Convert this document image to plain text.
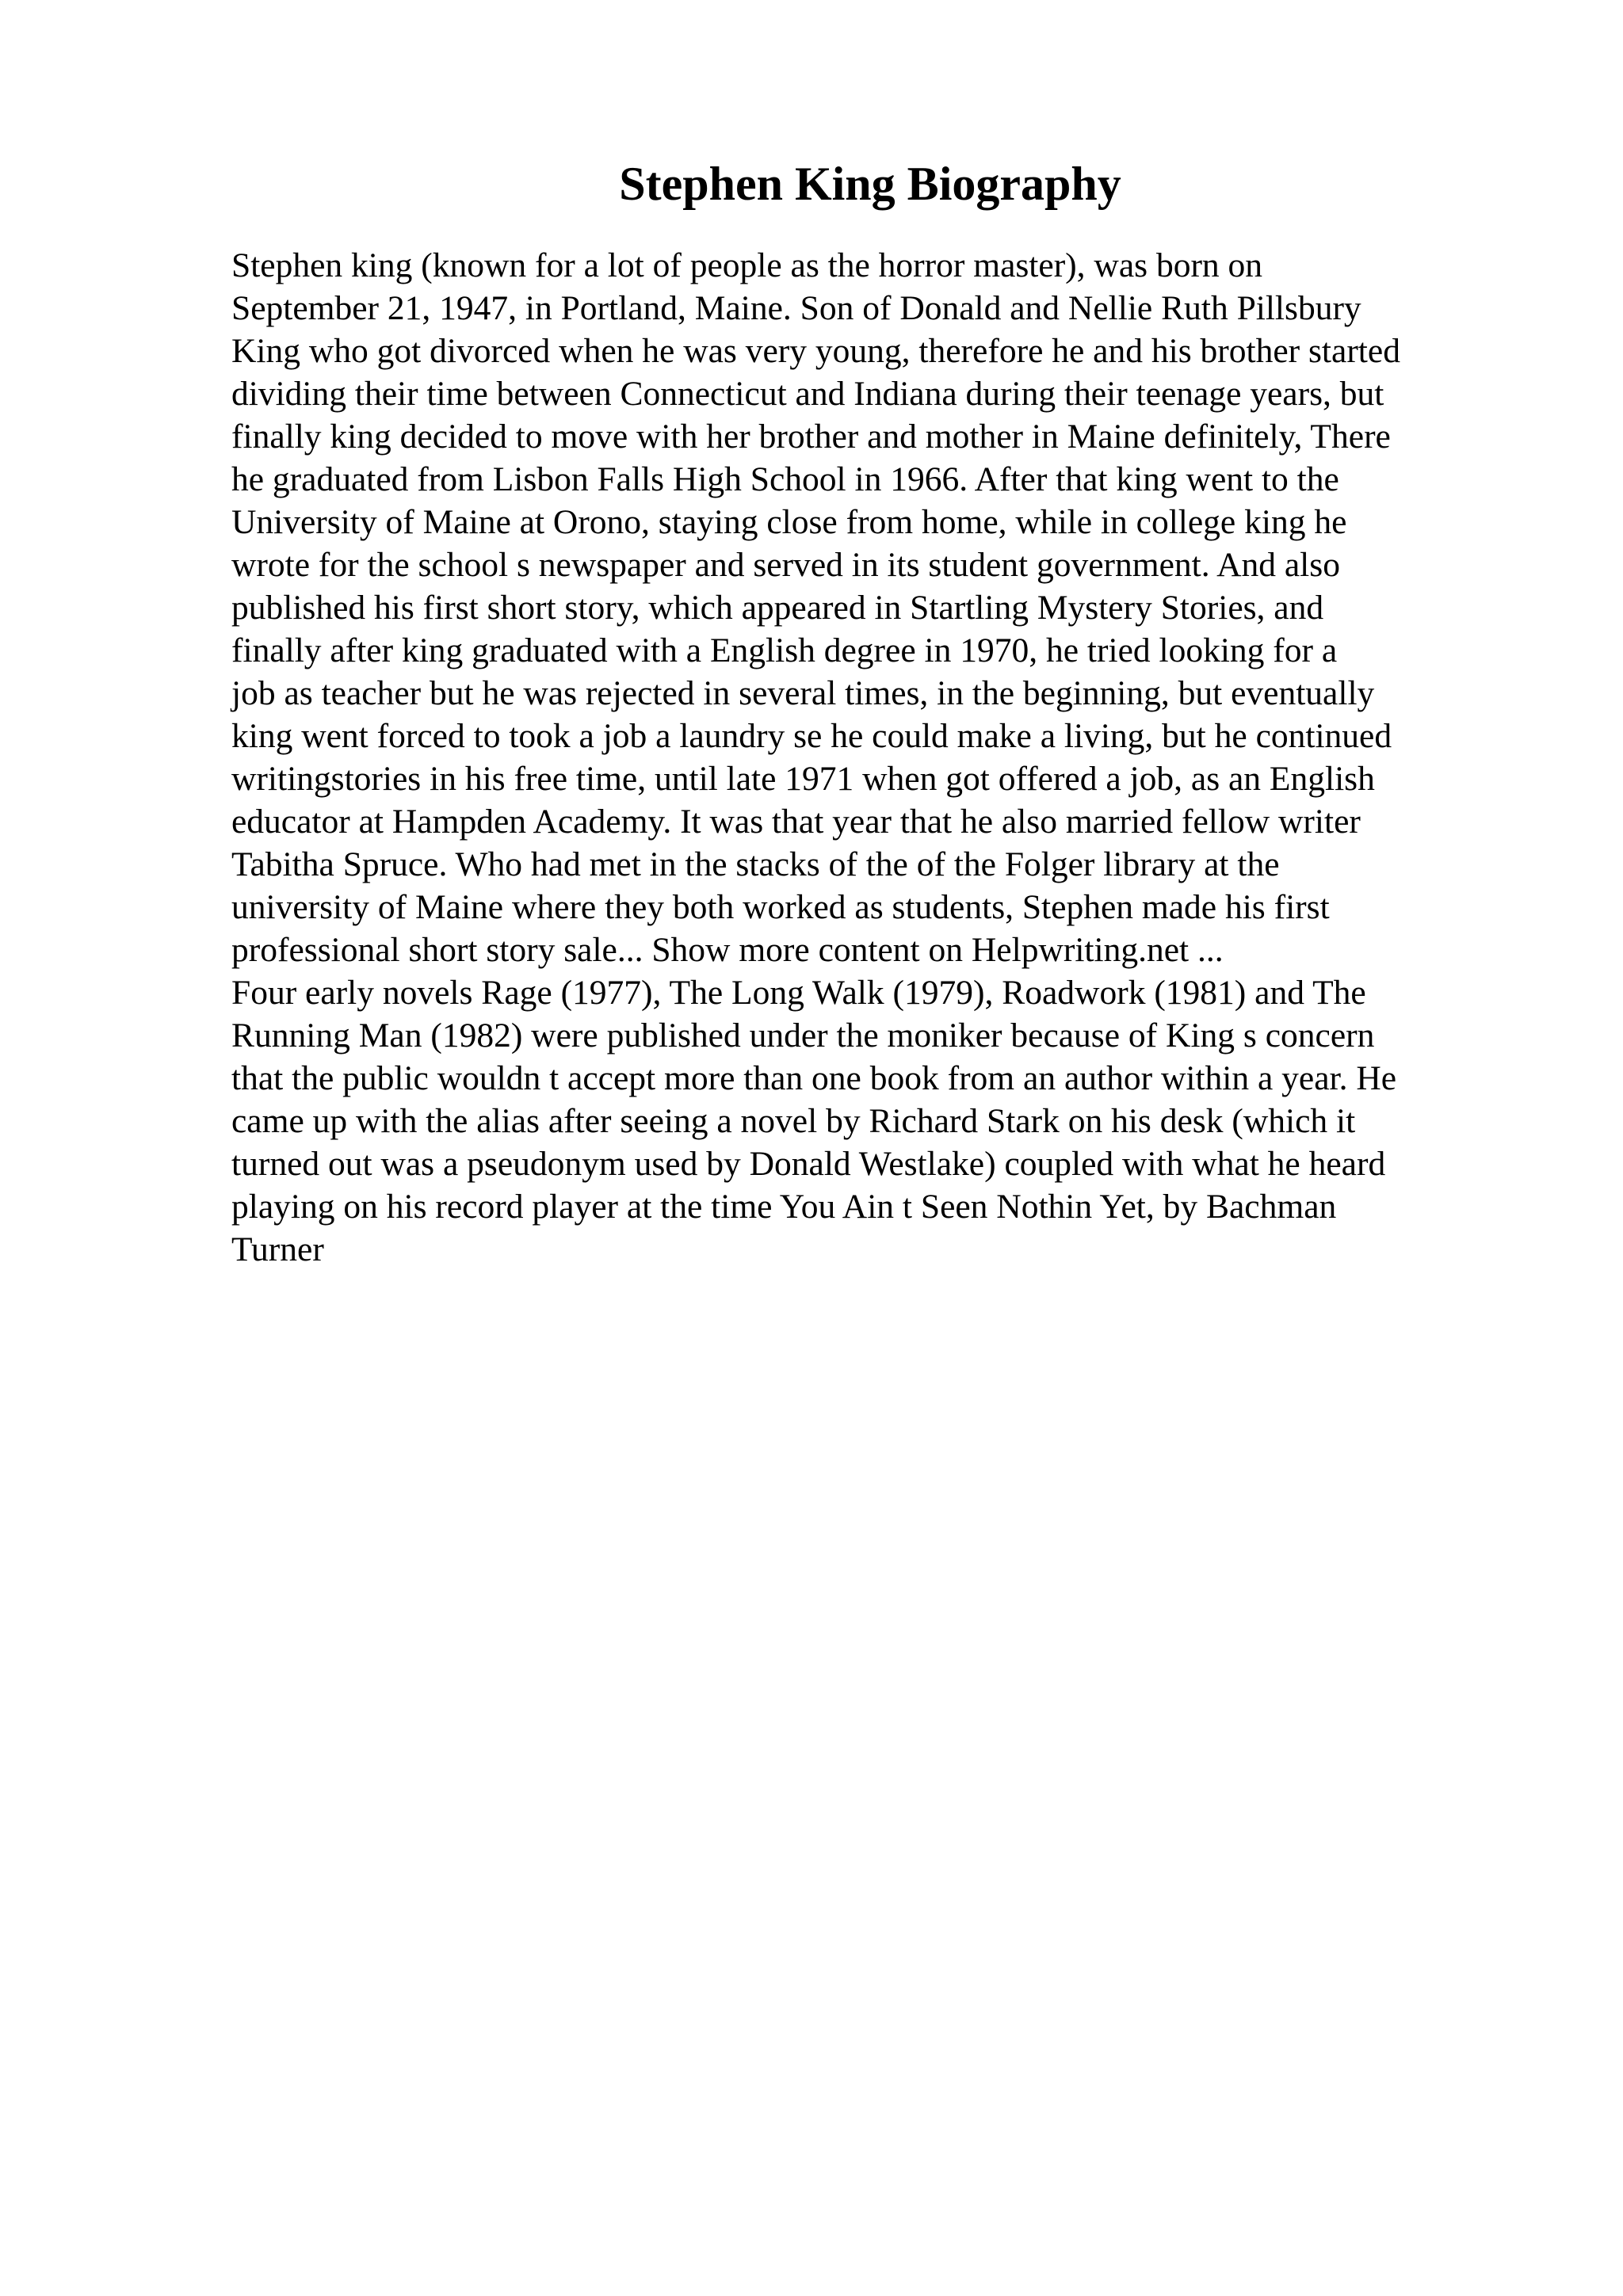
Stephen King Biography
Stephen king (known for a lot of people as the horror master), was born on
September 21, 1947, in Portland, Maine. Son of Donald and Nellie Ruth Pillsbury
King who got divorced when he was very young, therefore he and his brother started
dividing their time between Connecticut and Indiana during their teenage years, but
finally king decided to move with her brother and mother in Maine definitely, There
he graduated from Lisbon Falls High School in 1966. After that king went to the
University of Maine at Orono, staying close from home, while in college king he
wrote for the school s newspaper and served in its student government. And also
published his first short story, which appeared in Startling Mystery Stories, and
finally after king graduated with a English degree in 1970, he tried looking for a
job as teacher but he was rejected in several times, in the beginning, but eventually
king went forced to took a job a laundry se he could make a living, but he continued
writingstories in his free time, until late 1971 when got offered a job, as an English
educator at Hampden Academy. It was that year that he also married fellow writer
Tabitha Spruce. Who had met in the stacks of the of the Folger library at the
university of Maine where they both worked as students, Stephen made his first
professional short story sale... Show more content on Helpwriting.net ...
Four early novels Rage (1977), The Long Walk (1979), Roadwork (1981) and The
Running Man (1982) were published under the moniker because of King s concern
that the public wouldn t accept more than one book from an author within a year. He
came up with the alias after seeing a novel by Richard Stark on his desk (which it
turned out was a pseudonym used by Donald Westlake) coupled with what he heard
playing on his record player at the time You Ain t Seen Nothin Yet, by Bachman
Turner
